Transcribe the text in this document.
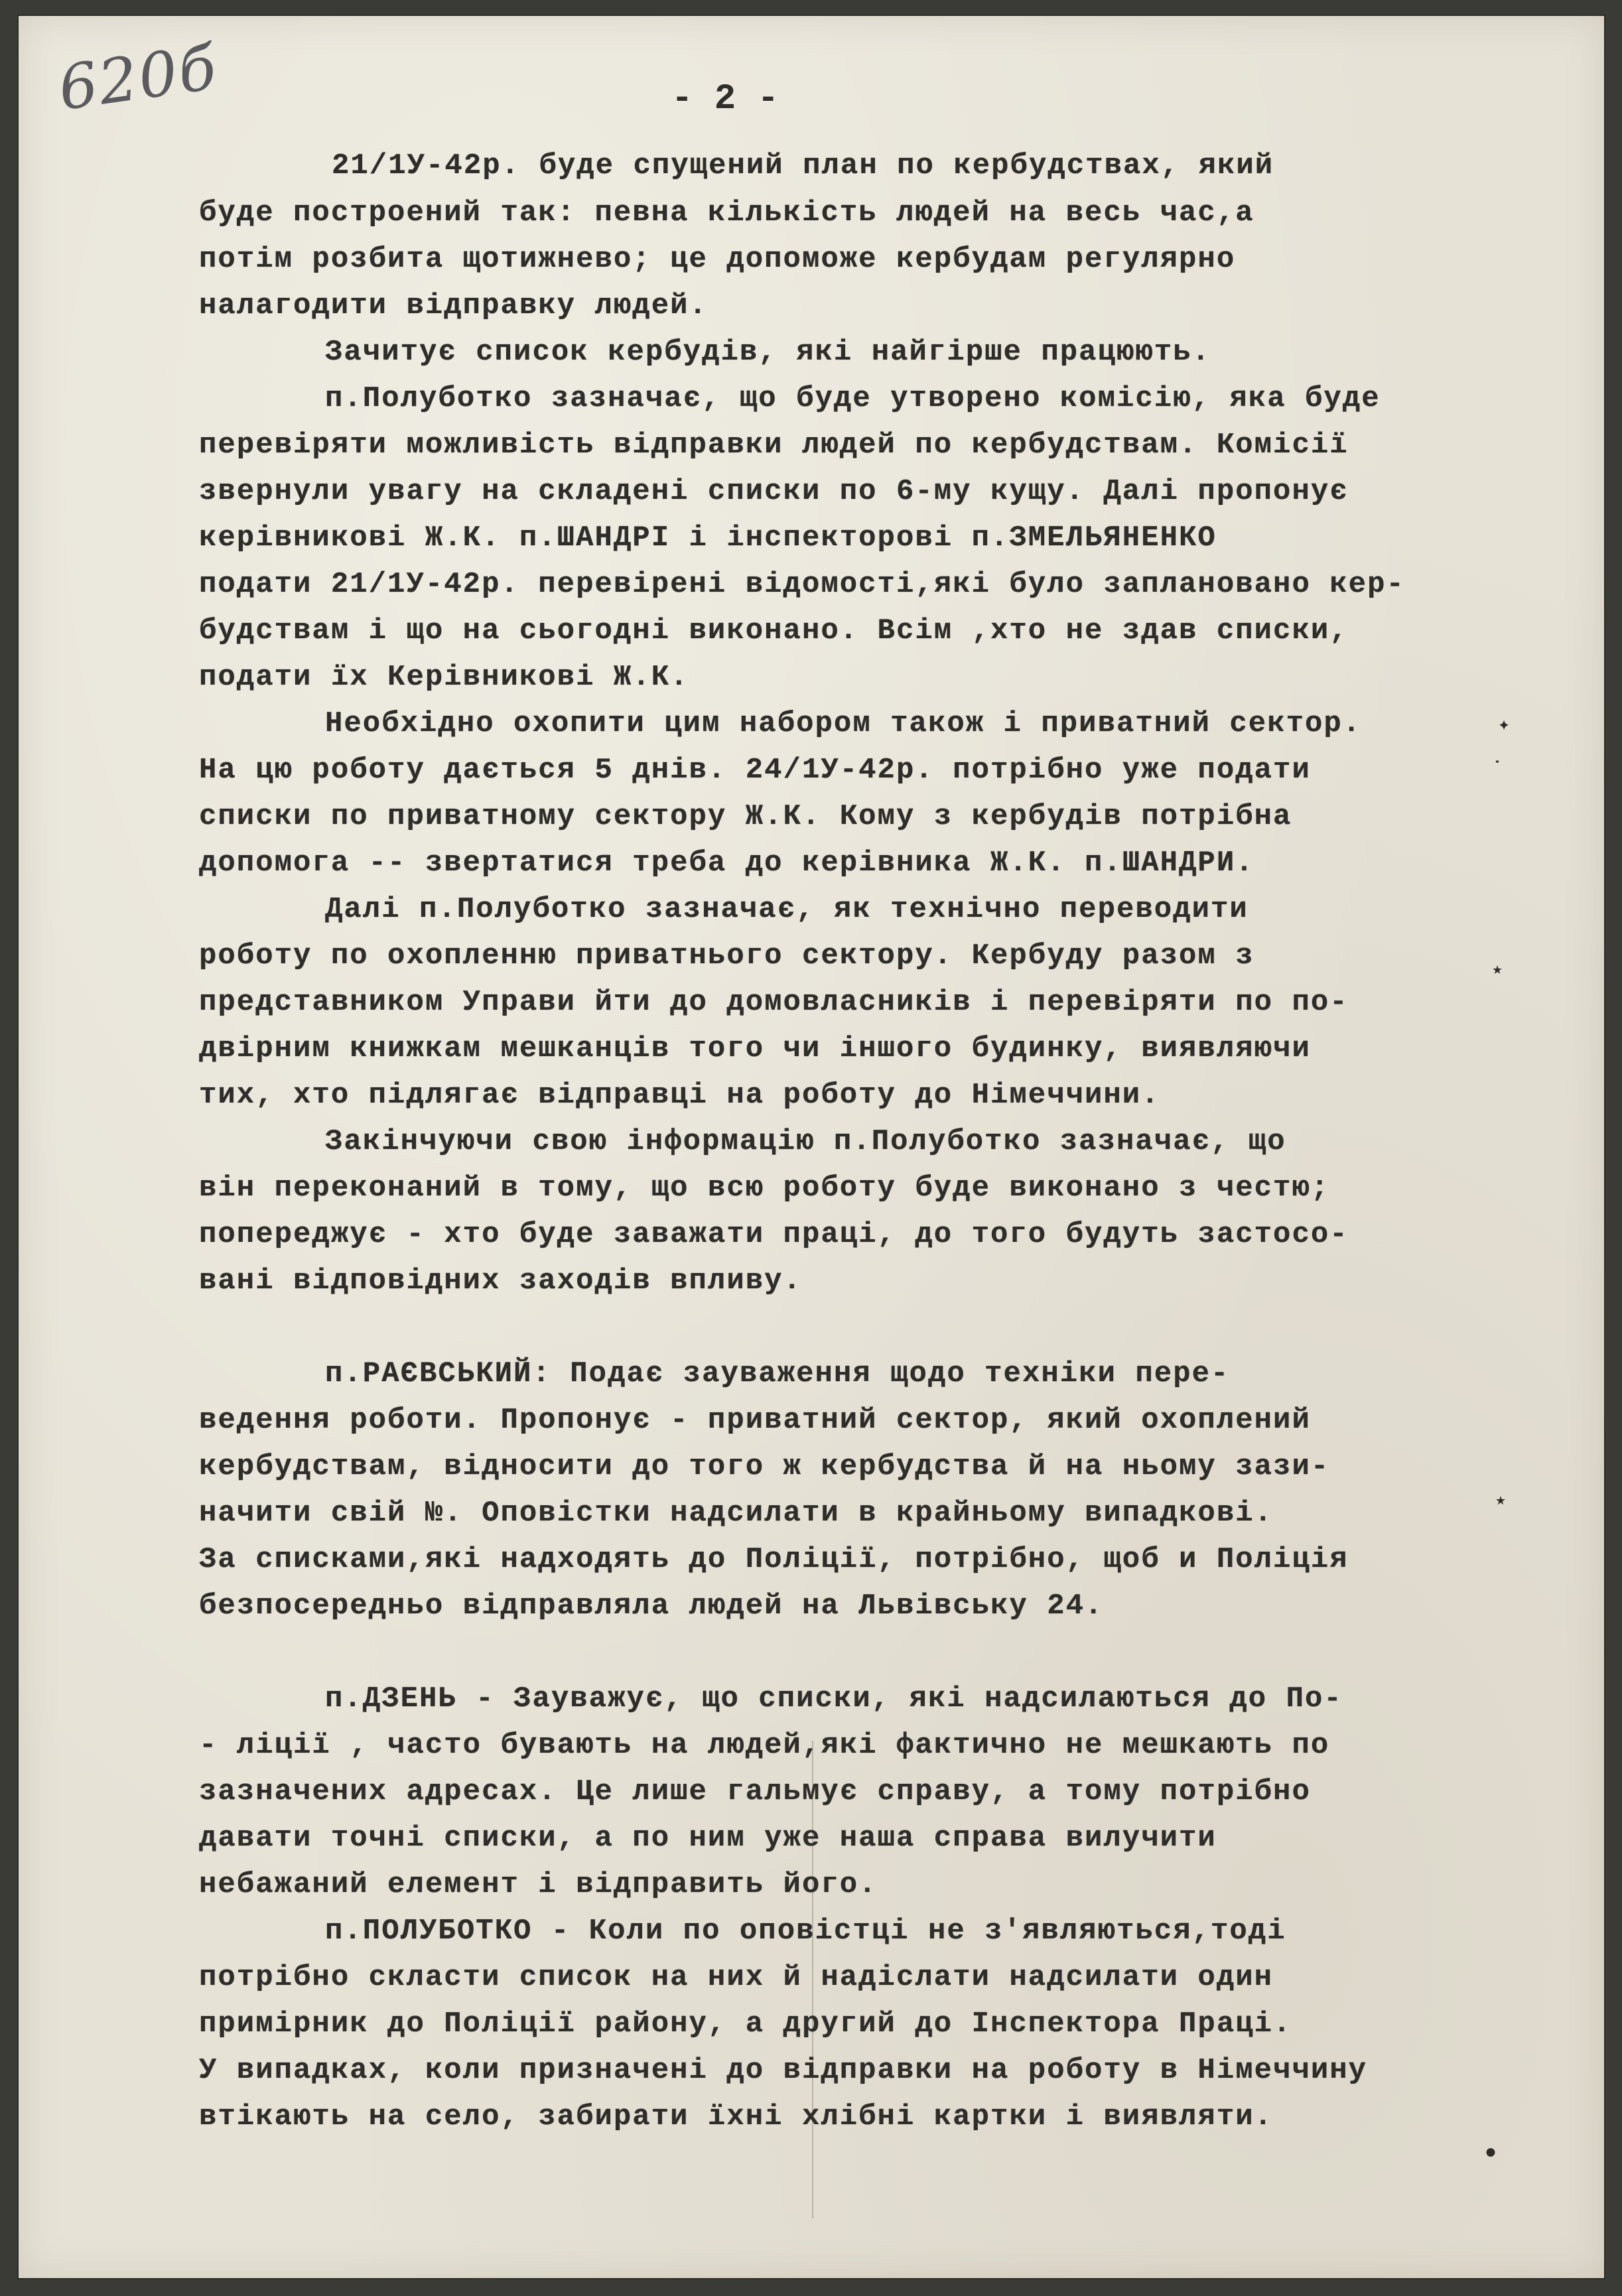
620б	- 2 -
21/1У-42р. буде спущений план по кербудствах, який
буде построений так: певна кількість людей на весь час,а
потім розбита щотижнево; це допоможе кербудам регулярно
налагодити відправку людей.
Зачитує список кербудів, які найгірше працюють.
п.Полуботко зазначає, що буде утворено комісію, яка буде
перевіряти можливість відправки людей по кербудствам. Комісії
звернули увагу на складені списки по 6-му кущу. Далі пропонує
керівникові Ж.К. п.ШАНДРІ і інспекторові п.ЗМЕЛЬЯНЕНКО
подати 21/1У-42р. перевірені відомості,які було заплановано кер-
будствам і що на сьогодні виконано. Всім ,хто не здав списки,
подати їх Керівникові Ж.К.
Необхідно охопити цим набором також і приватний сектор.
На цю роботу дається 5 днів. 24/1У-42р. потрібно уже подати
списки по приватному сектору Ж.К. Кому з кербудів потрібна
допомога -- звертатися треба до керівника Ж.К. п.ШАНДРИ.
Далі п.Полуботко зазначає, як технічно переводити
роботу по охопленню приватнього сектору. Кербуду разом з
представником Управи йти до домовласників і перевіряти по по-
двірним книжкам мешканців того чи іншого будинку, виявляючи
тих, хто підлягає відправці на роботу до Німеччини.
Закінчуючи свою інформацію п.Полуботко зазначає, що
він переконаний в тому, що всю роботу буде виконано з честю;
попереджує - хто буде заважати праці, до того будуть застосо-
вані відповідних заходів впливу.
п.РАЄВСЬКИЙ: Подає зауваження щодо техніки пере-
ведення роботи. Пропонує - приватний сектор, який охоплений
кербудствам, відносити до того ж кербудства й на ньому зази-
начити свій №. Оповістки надсилати в крайньому випадкові.
За списками,які надходять до Поліції, потрібно, щоб и Поліція
безпосередньо відправляла людей на Львівську 24.
п.ДЗЕНЬ - Зауважує, що списки, які надсилаються до По-
- ліції , часто бувають на людей,які фактично не мешкають по
зазначених адресах. Це лише гальмує справу, а тому потрібно
давати точні списки, а по ним уже наша справа вилучити
небажаний елемент і відправить його.
п.ПОЛУБОТКО - Коли по оповістці не з'являються,тоді
потрібно скласти список на них й надіслати надсилати один
примірник до Поліції району, а другий до Інспектора Праці.
У випадках, коли призначені до відправки на роботу в Німеччину
втікають на село, забирати їхні хлібні картки і виявляти.
✦
˙
٭
٭
●
